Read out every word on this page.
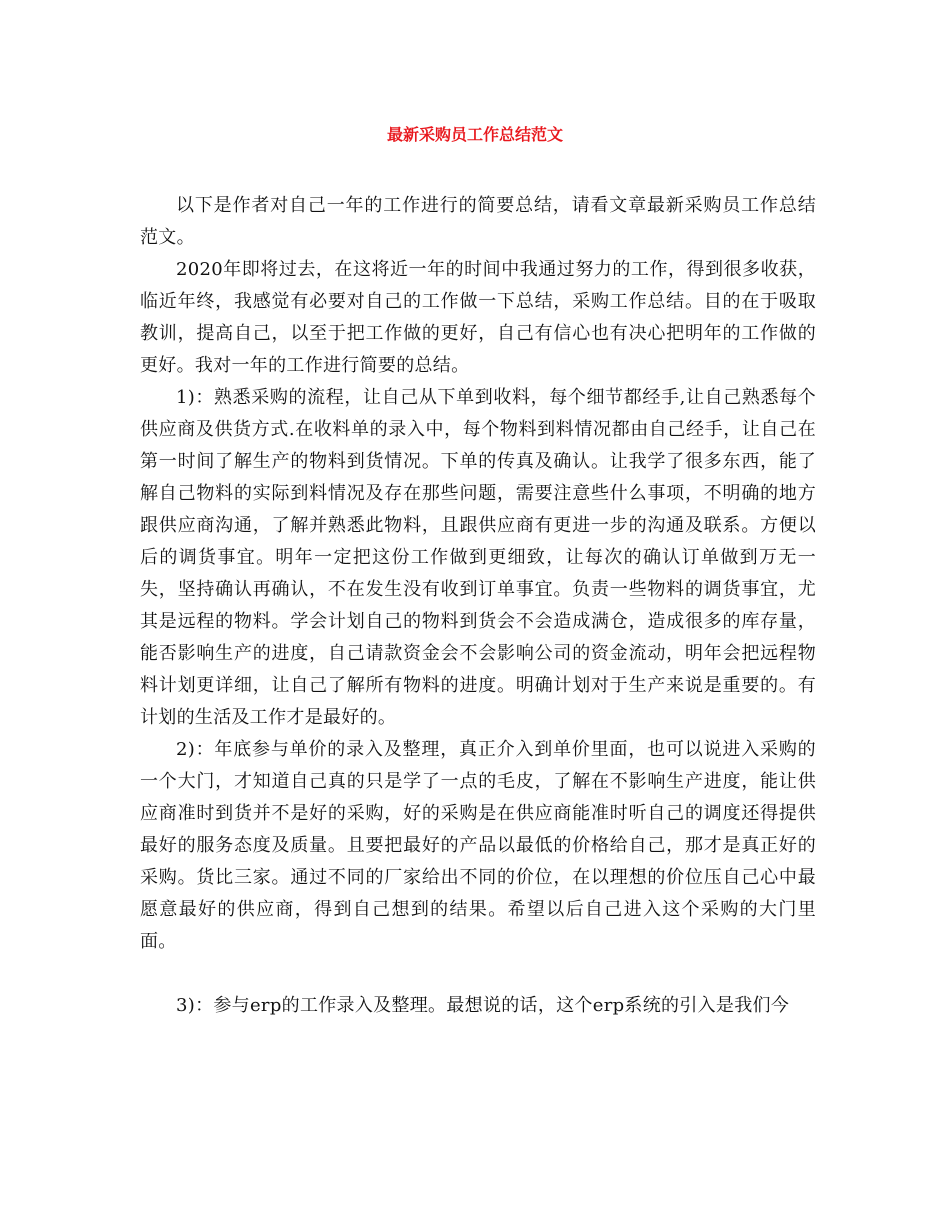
最新采购员工作总结范文

以下是作者对自己一年的工作进行的简要总结，请看文章最新采购员工作总结范文。

2020年即将过去，在这将近一年的时间中我通过努力的工作，得到很多收获，临近年终，我感觉有必要对自己的工作做一下总结，采购工作总结。目的在于吸取教训，提高自己，以至于把工作做的更好，自己有信心也有决心把明年的工作做的更好。我对一年的工作进行简要的总结。

1)：熟悉采购的流程，让自己从下单到收料，每个细节都经手,让自己熟悉每个供应商及供货方式.在收料单的录入中，每个物料到料情况都由自己经手，让自己在第一时间了解生产的物料到货情况。下单的传真及确认。让我学了很多东西，能了解自己物料的实际到料情况及存在那些问题，需要注意些什么事项，不明确的地方跟供应商沟通，了解并熟悉此物料，且跟供应商有更进一步的沟通及联系。方便以后的调货事宜。明年一定把这份工作做到更细致，让每次的确认订单做到万无一失，坚持确认再确认，不在发生没有收到订单事宜。负责一些物料的调货事宜，尤其是远程的物料。学会计划自己的物料到货会不会造成满仓，造成很多的库存量，能否影响生产的进度，自己请款资金会不会影响公司的资金流动，明年会把远程物料计划更详细，让自己了解所有物料的进度。明确计划对于生产来说是重要的。有计划的生活及工作才是最好的。

2)：年底参与单价的录入及整理，真正介入到单价里面，也可以说进入采购的一个大门，才知道自己真的只是学了一点的毛皮，了解在不影响生产进度，能让供应商准时到货并不是好的采购，好的采购是在供应商能准时听自己的调度还得提供最好的服务态度及质量。且要把最好的产品以最低的价格给自己，那才是真正好的采购。货比三家。通过不同的厂家给出不同的价位，在以理想的价位压自己心中最愿意最好的供应商，得到自己想到的结果。希望以后自己进入这个采购的大门里面。

3)：参与erp的工作录入及整理。最想说的话，这个erp系统的引入是我们今
